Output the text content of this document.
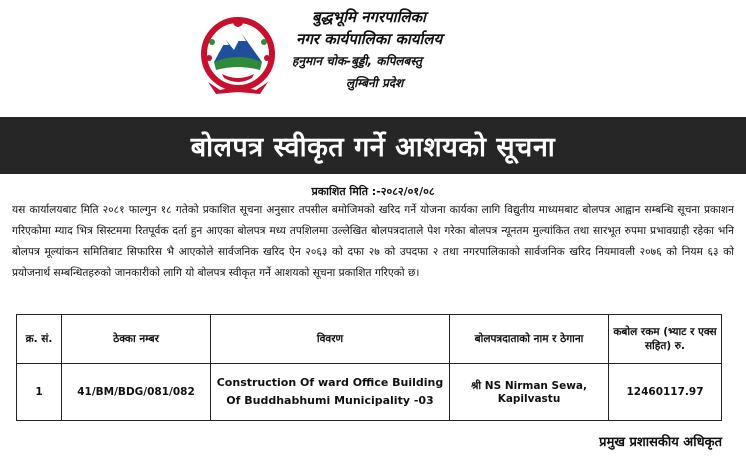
बुद्धभूमि नगरपालिका
नगर कार्यपालिका कार्यालय
हनुमान चोक-बुड्डी, कपिलबस्तु
लुम्बिनी प्रदेश
बोलपत्र स्वीकृत गर्ने आशयको सूचना
प्रकाशित मिति :-२०८२/०१/०८
यस कार्यालयबाट मिति २०८१ फाल्गुन १८ गतेको प्रकाशित सूचना अनुसार तपसील बमोजिमको खरिद गर्ने योजना कार्यका लागि विद्युतीय माध्यमबाट बोलपत्र आह्वान सम्बन्धि सूचना प्रकाशन गरिएकोमा म्याद भित्र सिस्टममा रितपूर्वक दर्ता हुन आएका बोलपत्र मध्य तपशिलमा उल्लेखित बोलपत्रदाताले पेश गरेका बोलपत्र न्यूनतम मुल्यांकित तथा सारभूत रुपमा प्रभावग्राही रहेका भनि बोलपत्र मूल्यांकन समितिबाट सिफारिस भै आएकोले सार्वजनिक खरिद ऐन २०६३ को दफा २७ को उपदफा २ तथा नगरपालिकाको सार्वजनिक खरिद नियमावली २०७६ को नियम ६३ को प्रयोजनार्थ सम्बन्धितहरुको जानकारीको लागि यो बोलपत्र स्वीकृत गर्ने आशयको सूचना प्रकाशित गरिएको छ।
क्र. सं.	ठेक्का नम्बर	विवरण	बोलपत्रदाताको नाम र ठेगाना	कबोल रकम (भ्याट र एक्स सहित) रु.
1	41/BM/BDG/081/082	Construction Of ward Office Building
Of Buddhabhumi Municipality -03	श्री NS Nirman Sewa, Kapilvastu	12460117.97
प्रमुख प्रशासकीय अधिकृत
